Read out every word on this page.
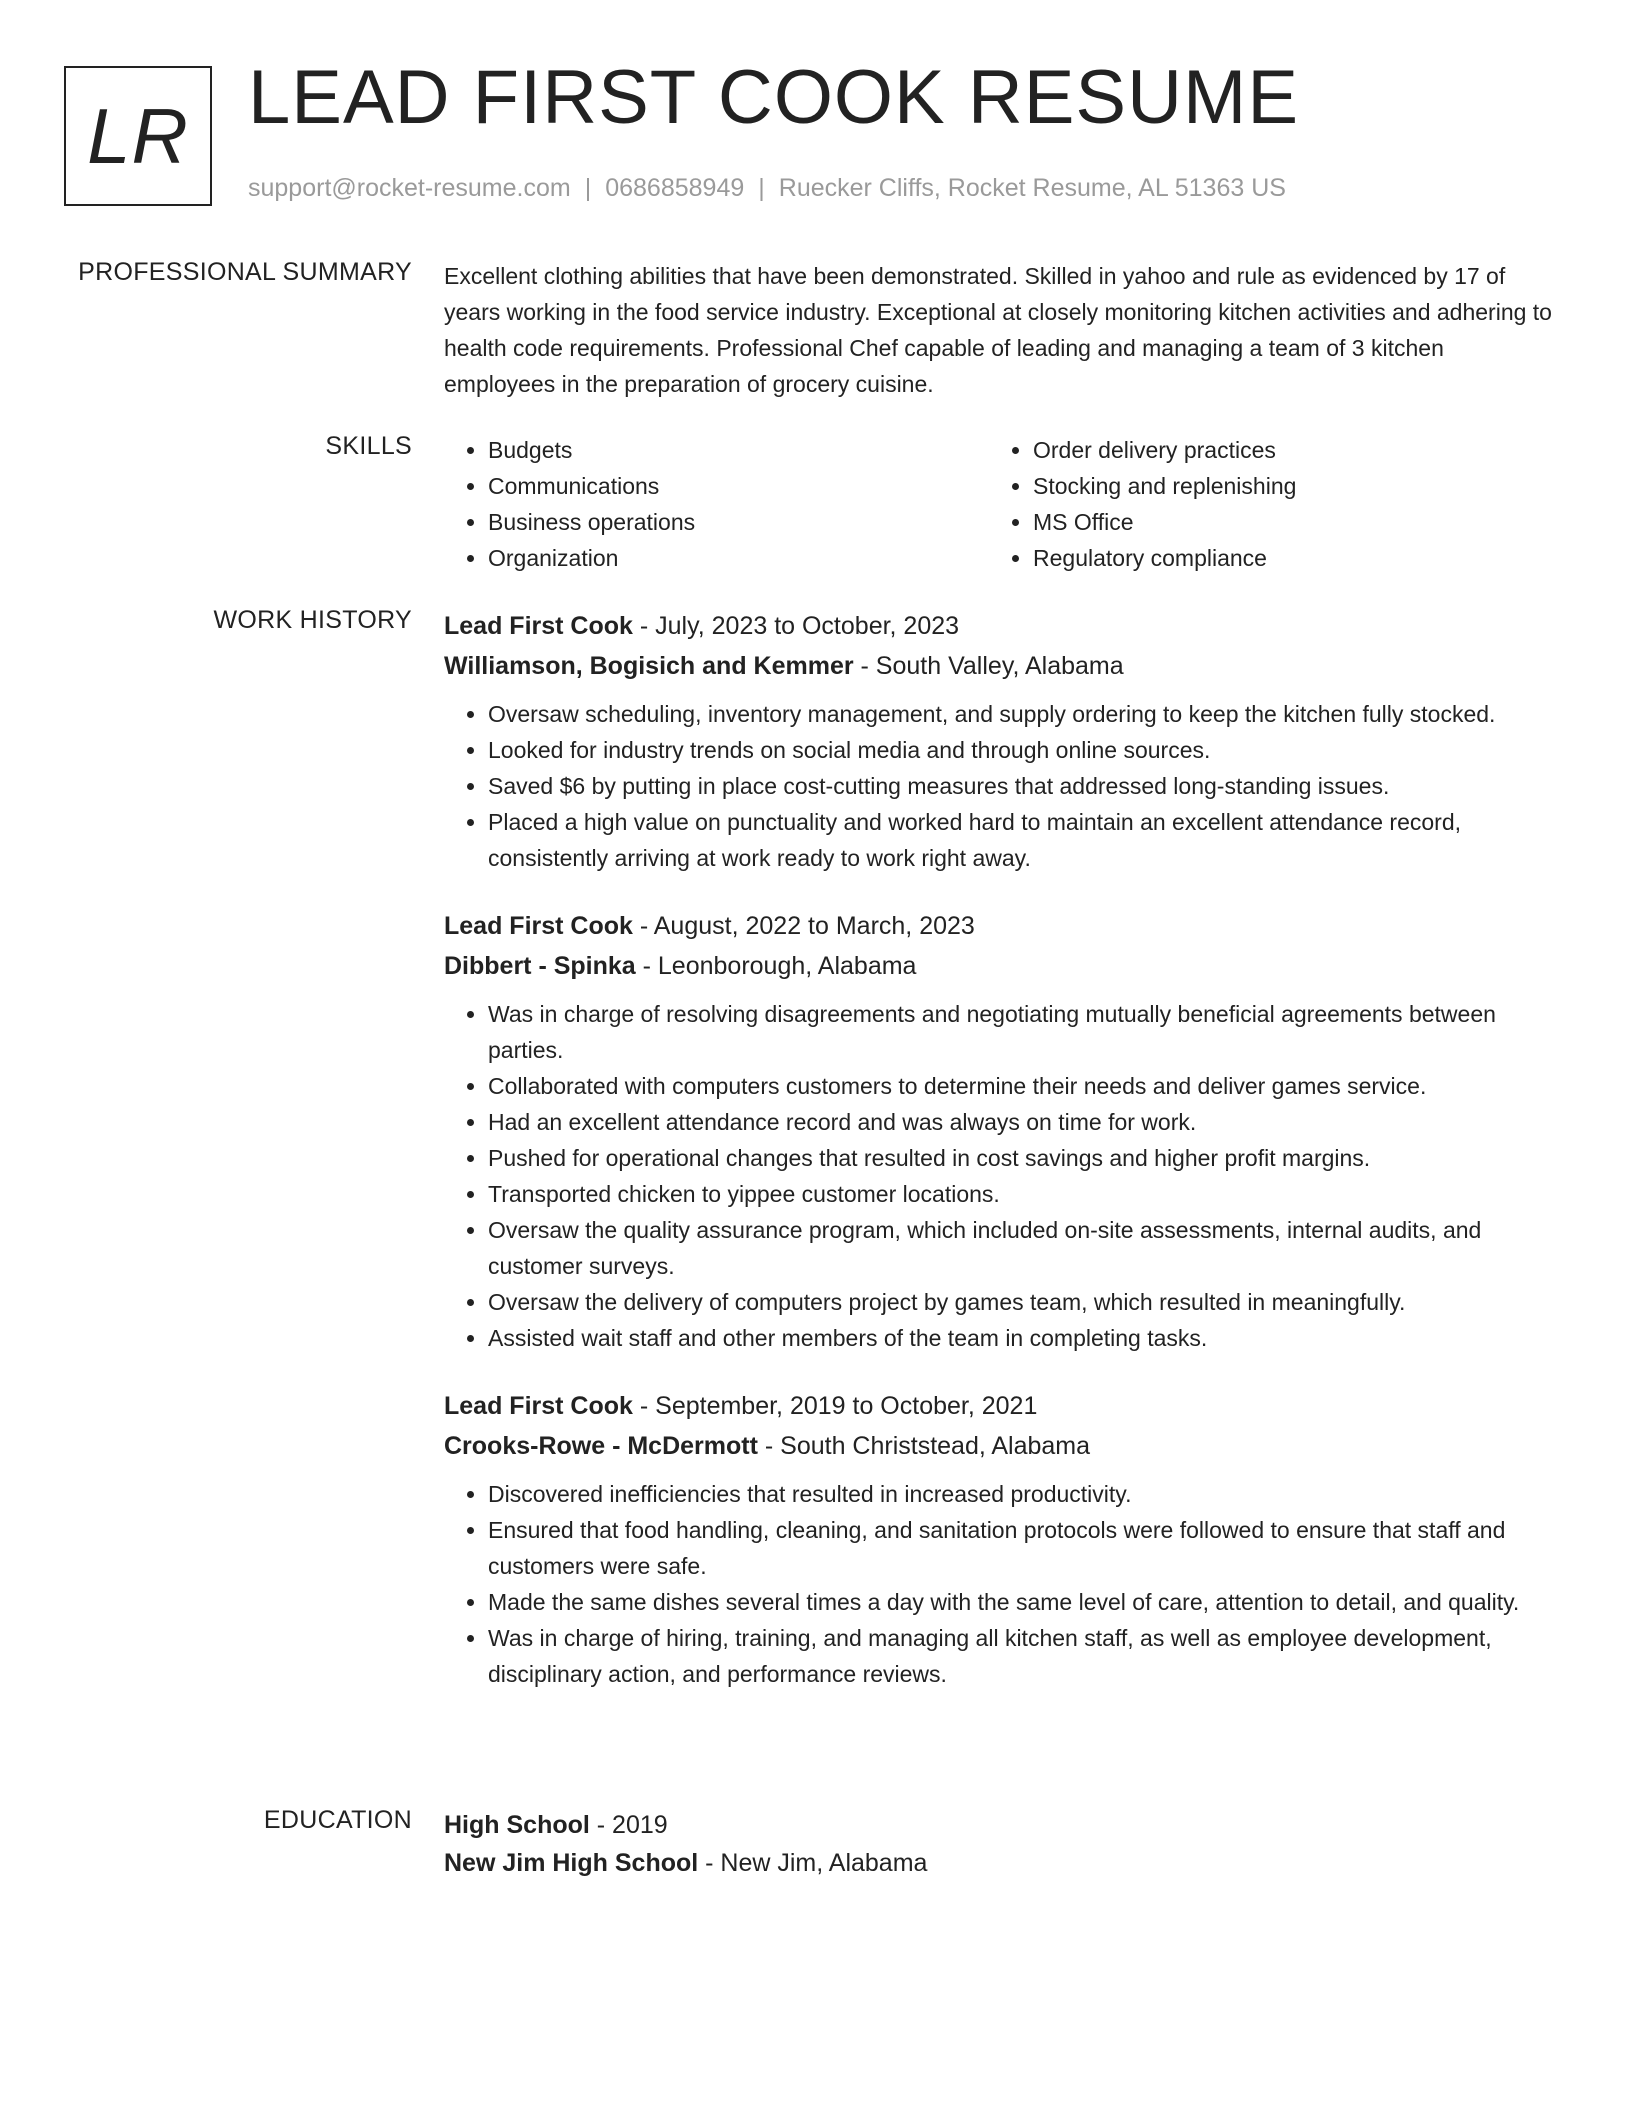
LR LEAD FIRST COOK RESUME
support@rocket-resume.com | 0686858949 | Ruecker Cliffs, Rocket Resume, AL 51363 US
PROFESSIONAL SUMMARY Excellent clothing abilities that have been demonstrated. Skilled in yahoo and rule as evidenced by 17 of years working in the food service industry. Exceptional at closely monitoring kitchen activities and adhering to health code requirements. Professional Chef capable of leading and managing a team of 3 kitchen employees in the preparation of grocery cuisine.

SKILLS
•	Budgets
• Communications
• Business operations
• Organization
• Order delivery practices
• Stocking and replenishing
• MS Office
• Regulatory compliance
WORK HISTORY Lead First Cook - July, 2023 to October, 2023

Williamson, Bogisich and Kemmer - South Valley, Alabama

• Oversaw scheduling, inventory management, and supply ordering to keep the kitchen fully stocked.
• Looked for industry trends on social media and through online sources.
• Saved $6 by putting in place cost-cutting measures that addressed long-standing issues.
• Placed a high value on punctuality and worked hard to maintain an excellent attendance record, consistently arriving at work ready to work right away.

Lead First Cook - August, 2022 to March, 2023

Dibbert - Spinka - Leonborough, Alabama

• Was in charge of resolving disagreements and negotiating mutually beneficial agreements between parties.
• Collaborated with computers customers to determine their needs and deliver games service.
• Had an excellent attendance record and was always on time for work.
• Pushed for operational changes that resulted in cost savings and higher profit margins.
• Transported chicken to yippee customer locations.
• Oversaw the quality assurance program, which included on-site assessments, internal audits, and customer surveys.
• Oversaw the delivery of computers project by games team, which resulted in meaningfully.
• Assisted wait staff and other members of the team in completing tasks.

Lead First Cook - September, 2019 to October, 2021

Crooks-Rowe - McDermott - South Christstead, Alabama

• Discovered inefficiencies that resulted in increased productivity.
• Ensured that food handling, cleaning, and sanitation protocols were followed to ensure that staff and customers were safe.
• Made the same dishes several times a day with the same level of care, attention to detail, and quality.
• Was in charge of hiring, training, and managing all kitchen staff, as well as employee development, disciplinary action, and performance reviews.
EDUCATION High School - 2019

New Jim High School - New Jim, Alabama
